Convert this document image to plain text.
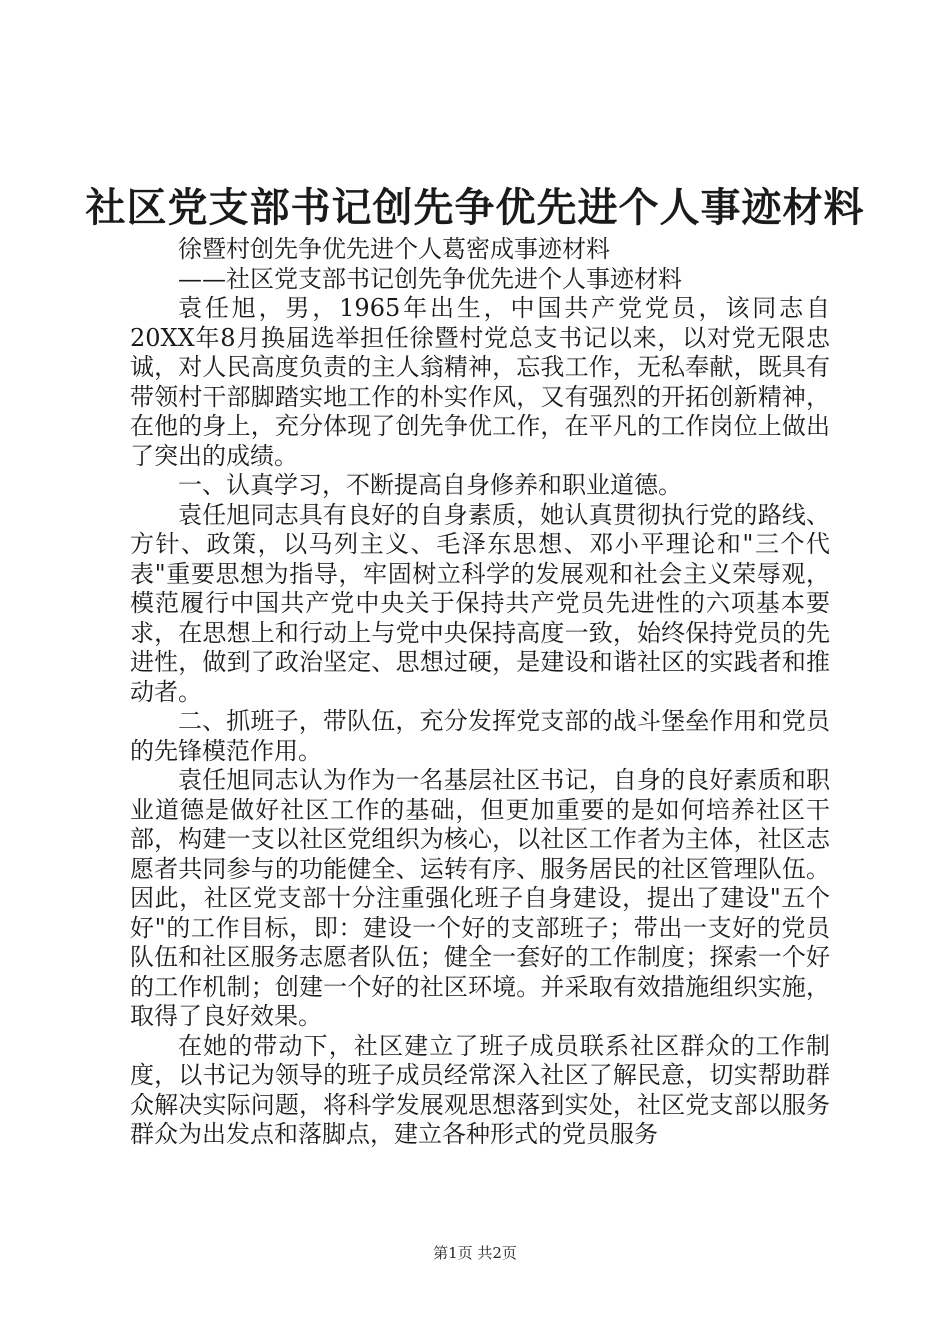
社区党支部书记创先争优先进个人事迹材料

徐暨村创先争优先进个人葛密成事迹材料

——社区党支部书记创先争优先进个人事迹材料

袁任旭，男，1965年出生，中国共产党党员，该同志自20XX年8月换届选举担任徐暨村党总支书记以来，以对党无限忠诚，对人民高度负责的主人翁精神，忘我工作，无私奉献，既具有带领村干部脚踏实地工作的朴实作风，又有强烈的开拓创新精神，在他的身上，充分体现了创先争优工作，在平凡的工作岗位上做出了突出的成绩。

一、认真学习，不断提高自身修养和职业道德。

袁任旭同志具有良好的自身素质，她认真贯彻执行党的路线、方针、政策，以马列主义、毛泽东思想、邓小平理论和"三个代表"重要思想为指导，牢固树立科学的发展观和社会主义荣辱观，模范履行中国共产党中央关于保持共产党员先进性的六项基本要求，在思想上和行动上与党中央保持高度一致，始终保持党员的先进性，做到了政治坚定、思想过硬，是建设和谐社区的实践者和推动者。

二、抓班子，带队伍，充分发挥党支部的战斗堡垒作用和党员的先锋模范作用。

袁任旭同志认为作为一名基层社区书记，自身的良好素质和职业道德是做好社区工作的基础，但更加重要的是如何培养社区干部，构建一支以社区党组织为核心，以社区工作者为主体，社区志愿者共同参与的功能健全、运转有序、服务居民的社区管理队伍。因此，社区党支部十分注重强化班子自身建设，提出了建设"五个好"的工作目标，即：建设一个好的支部班子；带出一支好的党员队伍和社区服务志愿者队伍；健全一套好的工作制度；探索一个好的工作机制；创建一个好的社区环境。并采取有效措施组织实施，取得了良好效果。

在她的带动下，社区建立了班子成员联系社区群众的工作制度，以书记为领导的班子成员经常深入社区了解民意，切实帮助群众解决实际问题，将科学发展观思想落到实处，社区党支部以服务群众为出发点和落脚点，建立各种形式的党员服务

第1页 共2页
